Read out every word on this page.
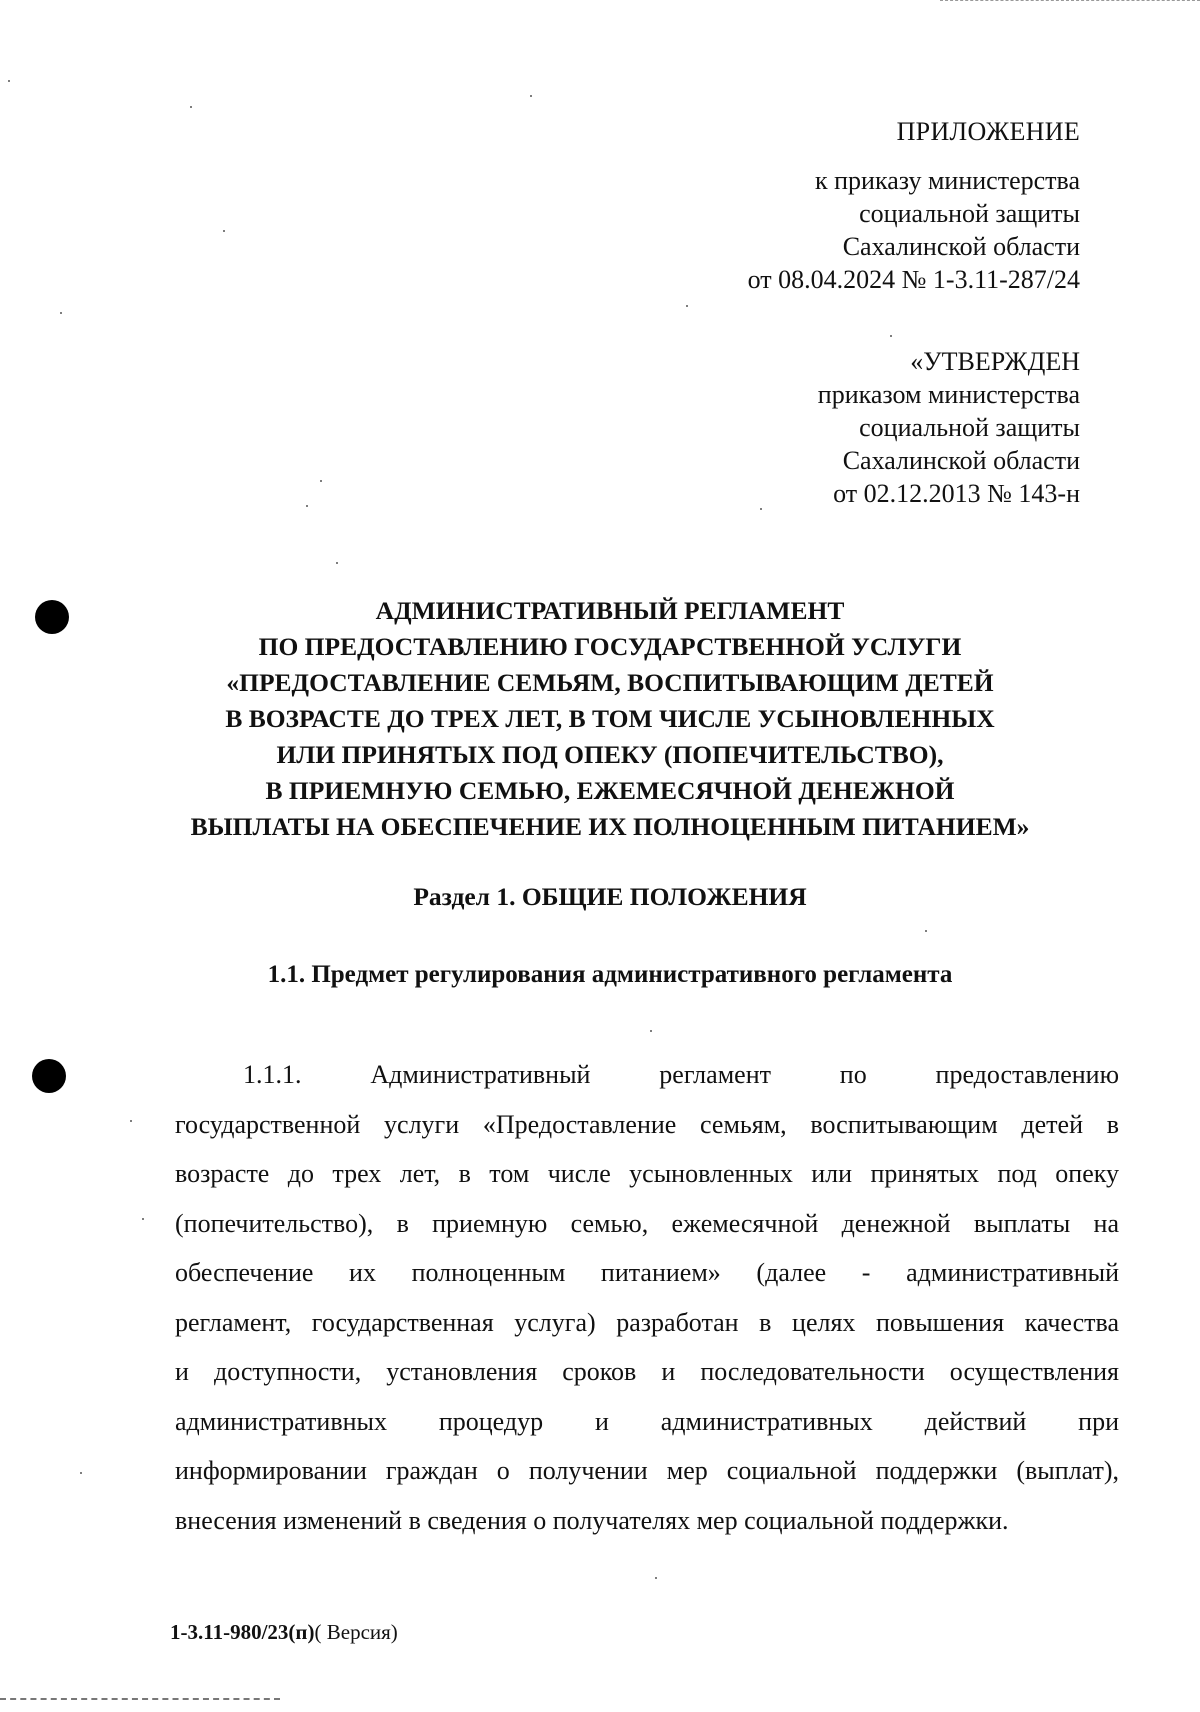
ПРИЛОЖЕНИЕ
к приказу министерства
социальной защиты
Сахалинской области
от 08.04.2024 № 1-3.11-287/24
«УТВЕРЖДЕН
приказом министерства
социальной защиты
Сахалинской области
от 02.12.2013 № 143-н
АДМИНИСТРАТИВНЫЙ РЕГЛАМЕНТ
ПО ПРЕДОСТАВЛЕНИЮ ГОСУДАРСТВЕННОЙ УСЛУГИ
«ПРЕДОСТАВЛЕНИЕ СЕМЬЯМ, ВОСПИТЫВАЮЩИМ ДЕТЕЙ
В ВОЗРАСТЕ ДО ТРЕХ ЛЕТ, В ТОМ ЧИСЛЕ УСЫНОВЛЕННЫХ
ИЛИ ПРИНЯТЫХ ПОД ОПЕКУ (ПОПЕЧИТЕЛЬСТВО),
В ПРИЕМНУЮ СЕМЬЮ, ЕЖЕМЕСЯЧНОЙ ДЕНЕЖНОЙ
ВЫПЛАТЫ НА ОБЕСПЕЧЕНИЕ ИХ ПОЛНОЦЕННЫМ ПИТАНИЕМ»
Раздел 1. ОБЩИЕ ПОЛОЖЕНИЯ
1.1. Предмет регулирования административного регламента
1.1.1. Административный регламент по предоставлению
государственной услуги «Предоставление семьям, воспитывающим детей в
возрасте до трех лет, в том числе усыновленных или принятых под опеку
(попечительство), в приемную семью, ежемесячной денежной выплаты на
обеспечение их полноценным питанием» (далее - административный
регламент, государственная услуга) разработан в целях повышения качества
и доступности, установления сроков и последовательности осуществления
административных процедур и административных действий при
информировании граждан о получении мер социальной поддержки (выплат),
внесения изменений в сведения о получателях мер социальной поддержки.
1-3.11-980/23(п)( Версия)
